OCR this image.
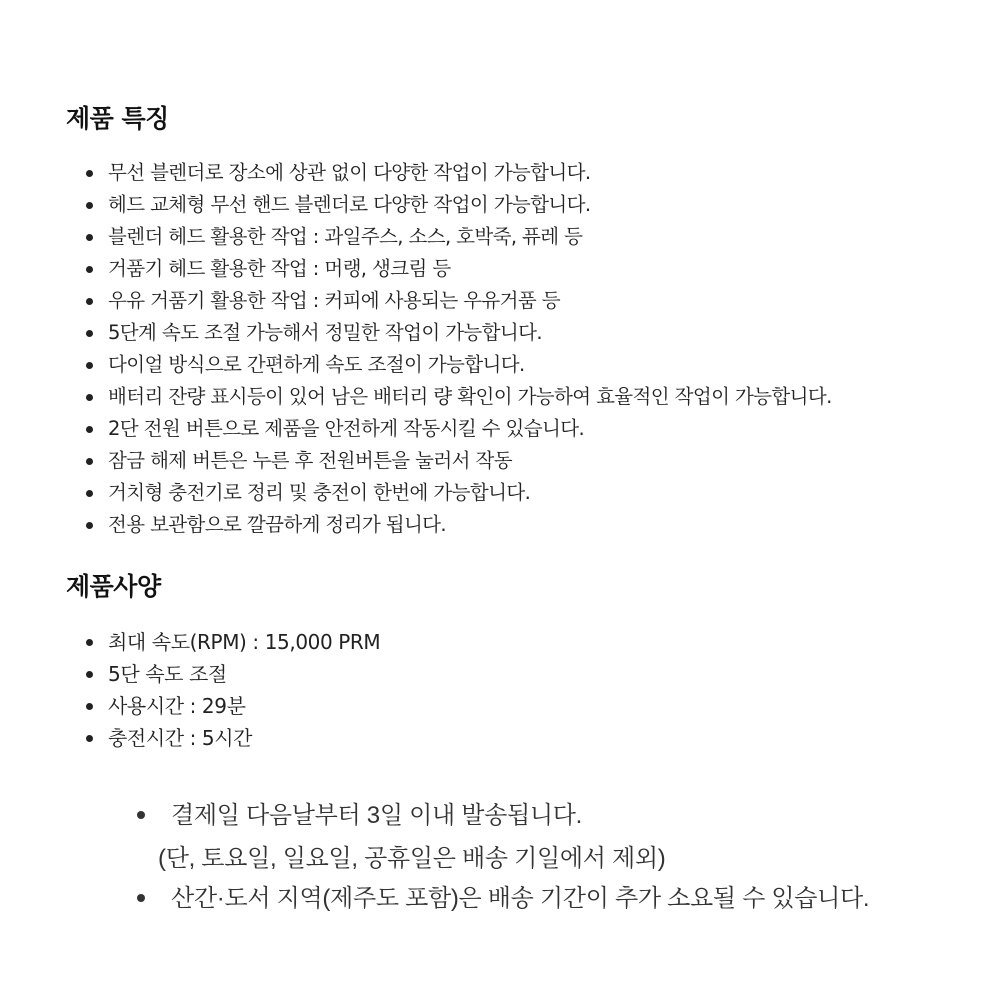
제품 특징
무선 블렌더로 장소에 상관 없이 다양한 작업이 가능합니다.
헤드 교체형 무선 핸드 블렌더로 다양한 작업이 가능합니다.
블렌더 헤드 활용한 작업 : 과일주스, 소스, 호박죽, 퓨레 등
거품기 헤드 활용한 작업 : 머랭, 생크림 등
우유 거품기 활용한 작업 : 커피에 사용되는 우유거품 등
5단계 속도 조절 가능해서 정밀한 작업이 가능합니다.
다이얼 방식으로 간편하게 속도 조절이 가능합니다.
배터리 잔량 표시등이 있어 남은 배터리 량 확인이 가능하여 효율적인 작업이 가능합니다.
2단 전원 버튼으로 제품을 안전하게 작동시킬 수 있습니다.
잠금 해제 버튼은 누른 후 전원버튼을 눌러서 작동
거치형 충전기로 정리 및 충전이 한번에 가능합니다.
전용 보관함으로 깔끔하게 정리가 됩니다.
제품사양
최대 속도(RPM) : 15,000 PRM
5단 속도 조절
사용시간 : 29분
충전시간 : 5시간
결제일 다음날부터 3일 이내 발송됩니다.
(단, 토요일, 일요일, 공휴일은 배송 기일에서 제외)
산간·도서 지역(제주도 포함)은 배송 기간이 추가 소요될 수 있습니다.
